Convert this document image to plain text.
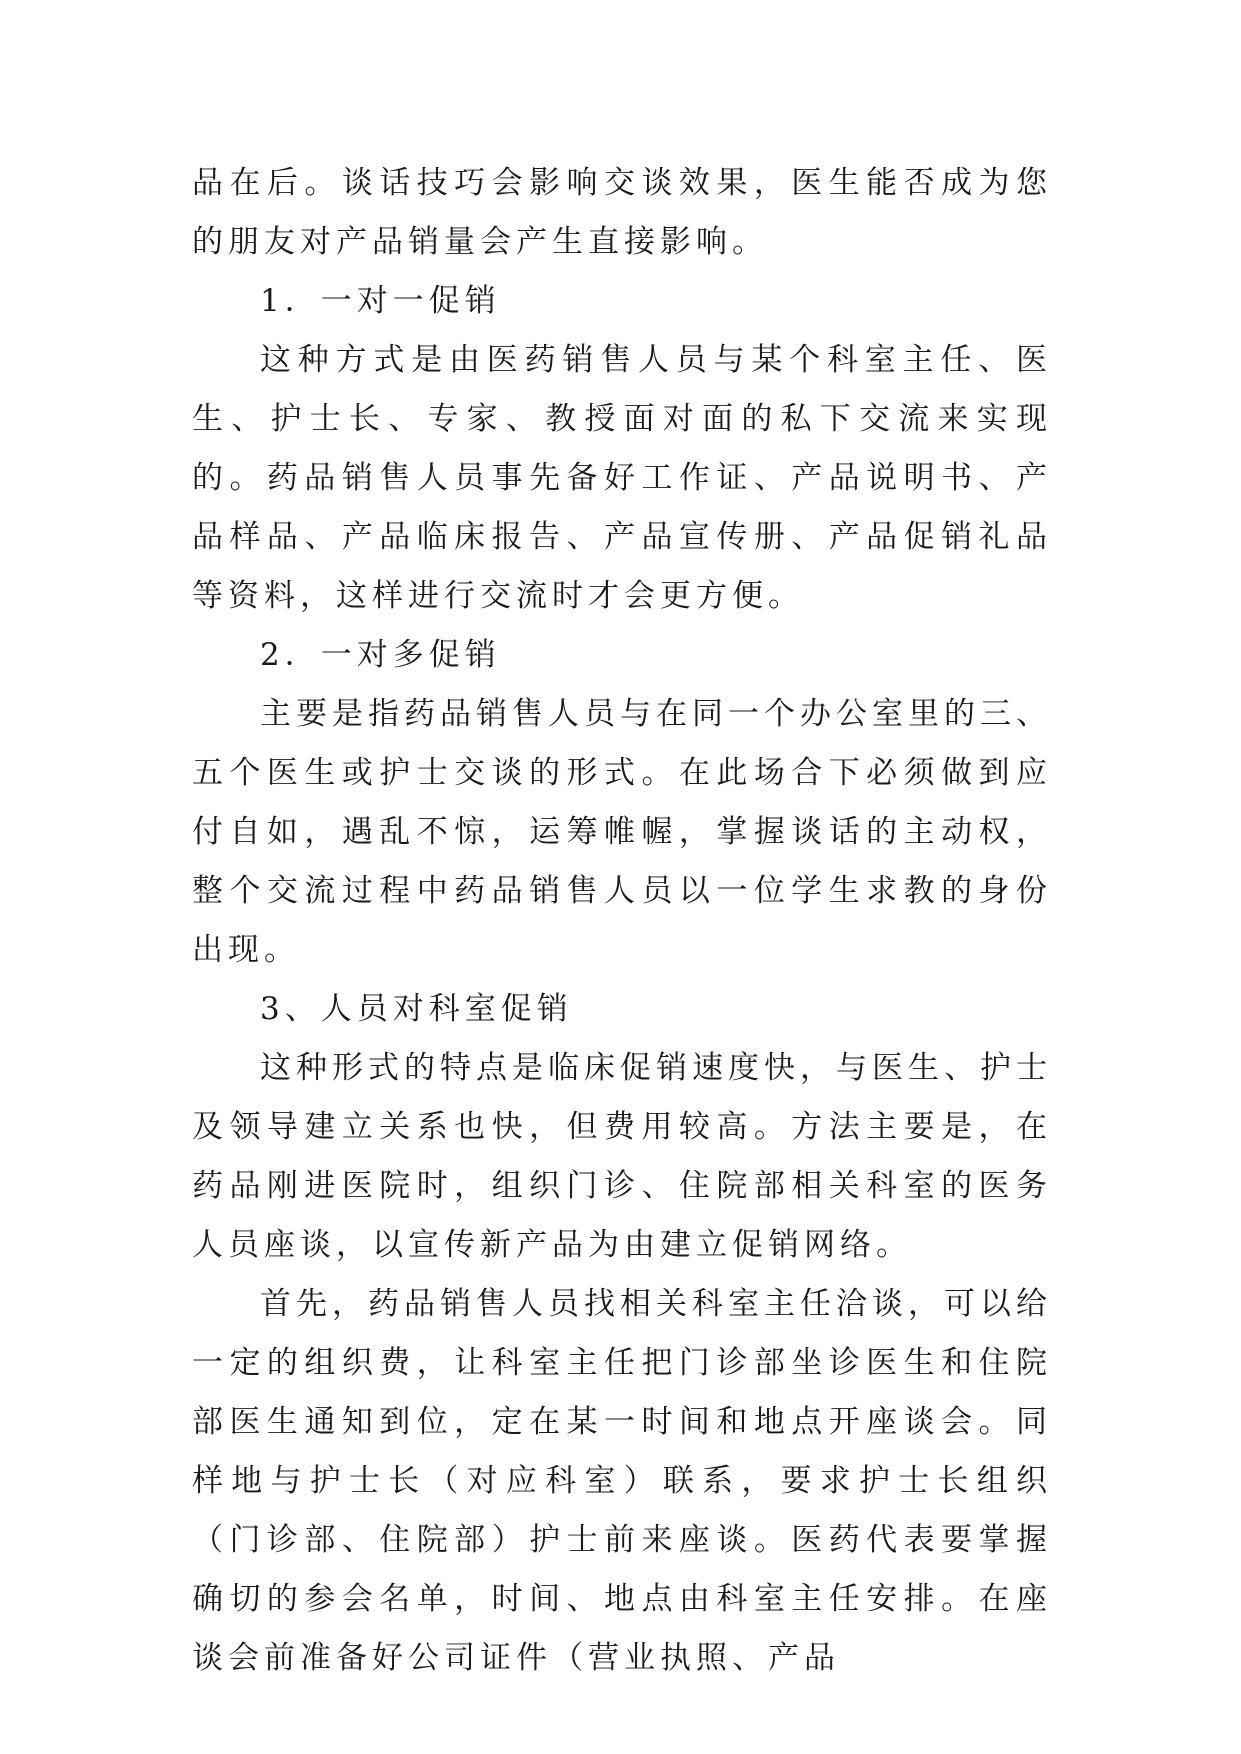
品在后。谈话技巧会影响交谈效果，医生能否成为您的朋友对产品销量会产生直接影响。

1．一对一促销

这种方式是由医药销售人员与某个科室主任、医生、护士长、专家、教授面对面的私下交流来实现的。药品销售人员事先备好工作证、产品说明书、产品样品、产品临床报告、产品宣传册、产品促销礼品等资料，这样进行交流时才会更方便。

2．一对多促销

主要是指药品销售人员与在同一个办公室里的三、五个医生或护士交谈的形式。在此场合下必须做到应付自如，遇乱不惊，运筹帷幄，掌握谈话的主动权，整个交流过程中药品销售人员以一位学生求教的身份出现。

3、人员对科室促销

这种形式的特点是临床促销速度快，与医生、护士及领导建立关系也快，但费用较高。方法主要是，在药品刚进医院时，组织门诊、住院部相关科室的医务人员座谈，以宣传新产品为由建立促销网络。

首先，药品销售人员找相关科室主任洽谈，可以给一定的组织费，让科室主任把门诊部坐诊医生和住院部医生通知到位，定在某一时间和地点开座谈会。同样地与护士长（对应科室）联系，要求护士长组织（门诊部、住院部）护士前来座谈。医药代表要掌握确切的参会名单，时间、地点由科室主任安排。在座谈会前准备好公司证件（营业执照、产品
